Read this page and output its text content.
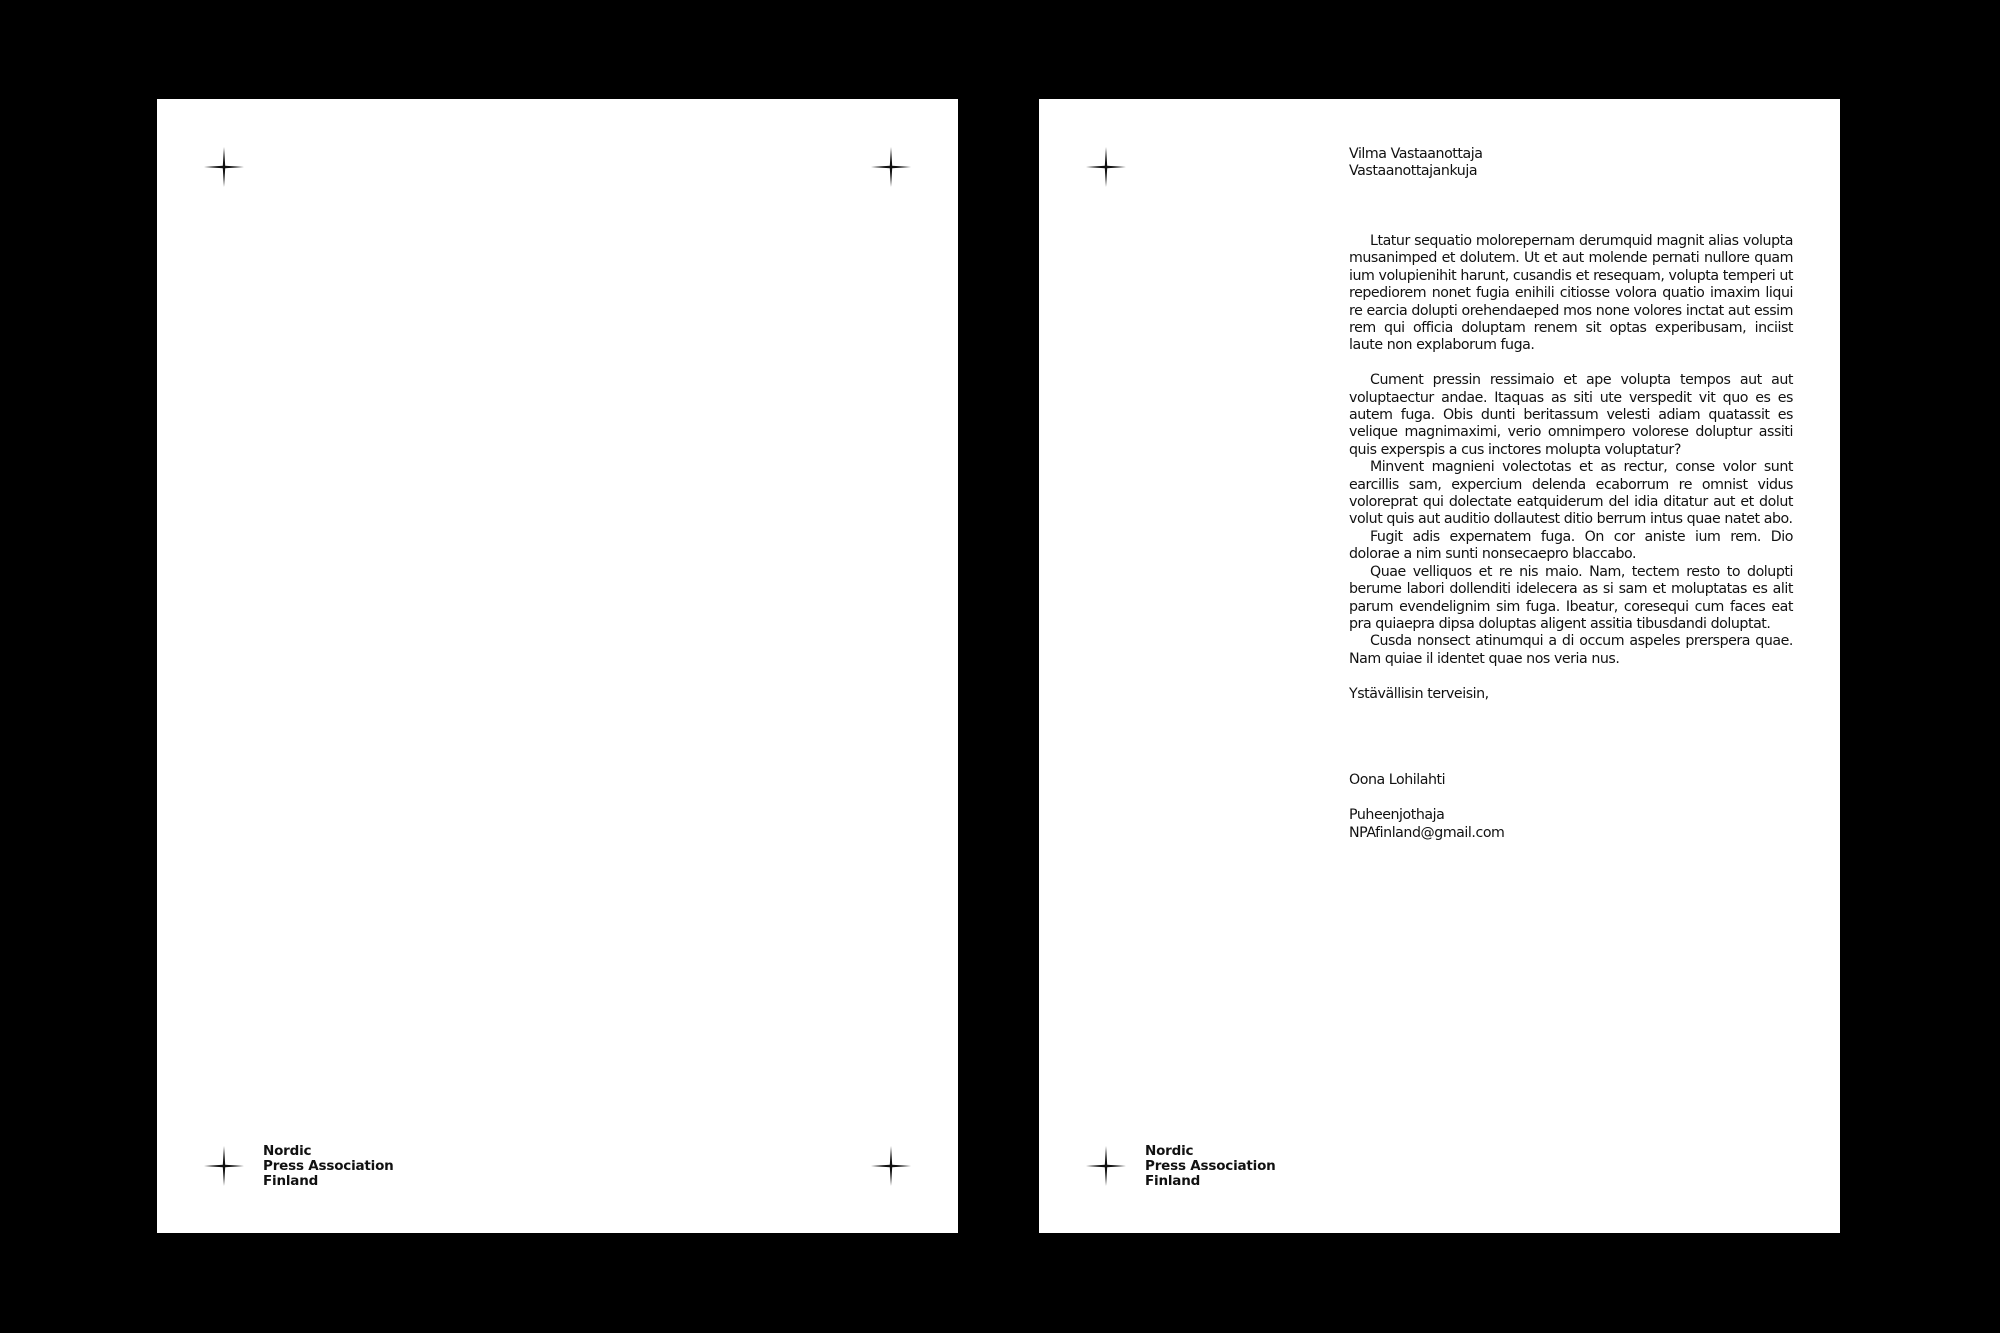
Nordic
Press Association
Finland
Nordic
Press Association
Finland
Vilma Vastaanottaja
Vastaanottajankuja

Ltatur sequatio molorepernam derumquid magnit alias volupta musanimped et dolutem. Ut et aut molende pernati nullore quam ium volupienihit harunt, cusandis et resequam, volupta temperi ut repediorem nonet fugia enihili citiosse volora quatio imaxim liqui re earcia dolupti orehendaeped mos none volores inctat aut essim rem qui officia doluptam renem sit optas experibusam, inciist laute non explaborum fuga.

Cument pressin ressimaio et ape volupta tempos aut aut voluptaectur andae. Itaquas as siti ute verspedit vit quo es es autem fuga. Obis dunti beritassum velesti adiam quatassit es velique magnimaximi, verio omnimpero volorese doluptur assiti quis experspis a cus inctores molupta voluptatur?

Minvent magnieni volectotas et as rectur, conse volor sunt earcillis sam, expercium delenda ecaborrum re omnist vidus voloreprat qui dolectate eatquiderum del idia ditatur aut et dolut volut quis aut auditio dollautest ditio berrum intus quae natet abo.

Fugit adis expernatem fuga. On cor aniste ium rem. Dio dolorae a nim sunti nonsecaepro blaccabo.

Quae velliquos et re nis maio. Nam, tectem resto to dolupti berume labori dollenditi idelecera as si sam et moluptatas es alit parum evendelignim sim fuga. Ibeatur, coresequi cum faces eat pra quiaepra dipsa doluptas aligent assitia tibusdandi doluptat.

Cusda nonsect atinumqui a di occum aspeles prerspera quae. Nam quiae il identet quae nos veria nus.

Ystävällisin terveisin,
Oona Lohilahti
Puheenjothaja
NPAfinland@gmail.com
